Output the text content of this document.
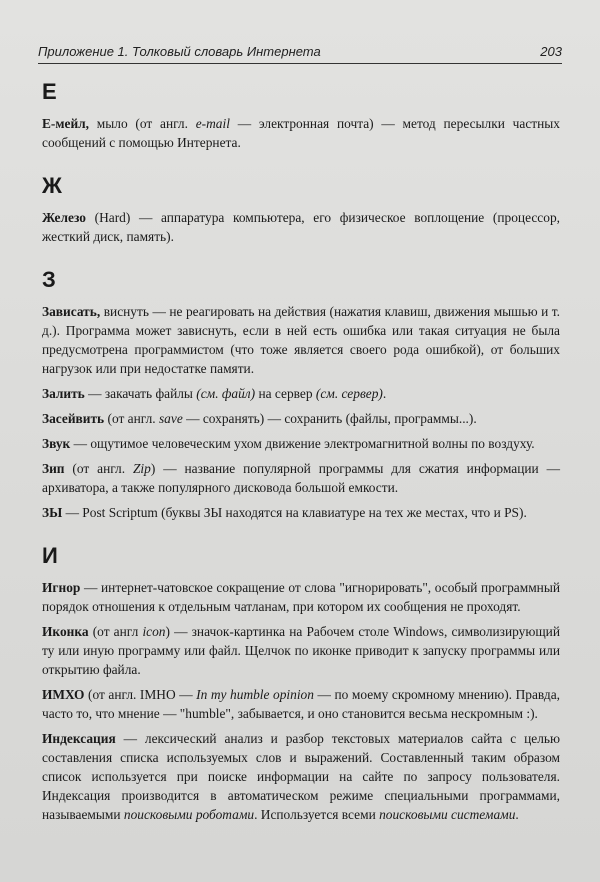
Приложение 1. Толковый словарь Интернета	203
Е

Е-мейл, мыло (от англ. e-mail — электронная почта) — метод пересылки частных сообщений с помощью Интернета.

Ж

Железо (Hard) — аппаратура компьютера, его физическое воплощение (процессор, жесткий диск, память).

З

Зависать, виснуть — не реагировать на действия (нажатия клавиш, движения мышью и т. д.). Программа может зависнуть, если в ней есть ошибка или такая ситуация не была предусмотрена программистом (что тоже является своего рода ошибкой), от больших нагрузок или при недостатке памяти.

Залить — закачать файлы (см. файл) на сервер (см. сервер).

Засейвить (от англ. save — сохранять) — сохранить (файлы, программы...).

Звук — ощутимое человеческим ухом движение электромагнитной волны по воздуху.

Зип (от англ. Zip) — название популярной программы для сжатия информации — архиватора, а также популярного дисковода большой емкости.

ЗЫ — Post Scriptum (буквы ЗЫ находятся на клавиатуре на тех же местах, что и PS).

И

Игнор — интернет-чатовское сокращение от слова "игнорировать", особый программный порядок отношения к отдельным чатланам, при котором их сообщения не проходят.

Иконка (от англ icon) — значок-картинка на Рабочем столе Windows, символизирующий ту или иную программу или файл. Щелчок по иконке приводит к запуску программы или открытию файла.

ИМХО (от англ. IMHO — In my humble opinion — по моему скромному мнению). Правда, часто то, что мнение — "humble", забывается, и оно становится весьма нескромным :).

Индексация — лексический анализ и разбор текстовых материалов сайта с целью составления списка используемых слов и выражений. Составленный таким образом список используется при поиске информации на сайте по запросу пользователя. Индексация производится в автоматическом режиме специальными программами, называемыми поисковыми роботами. Используется всеми поисковыми системами.
